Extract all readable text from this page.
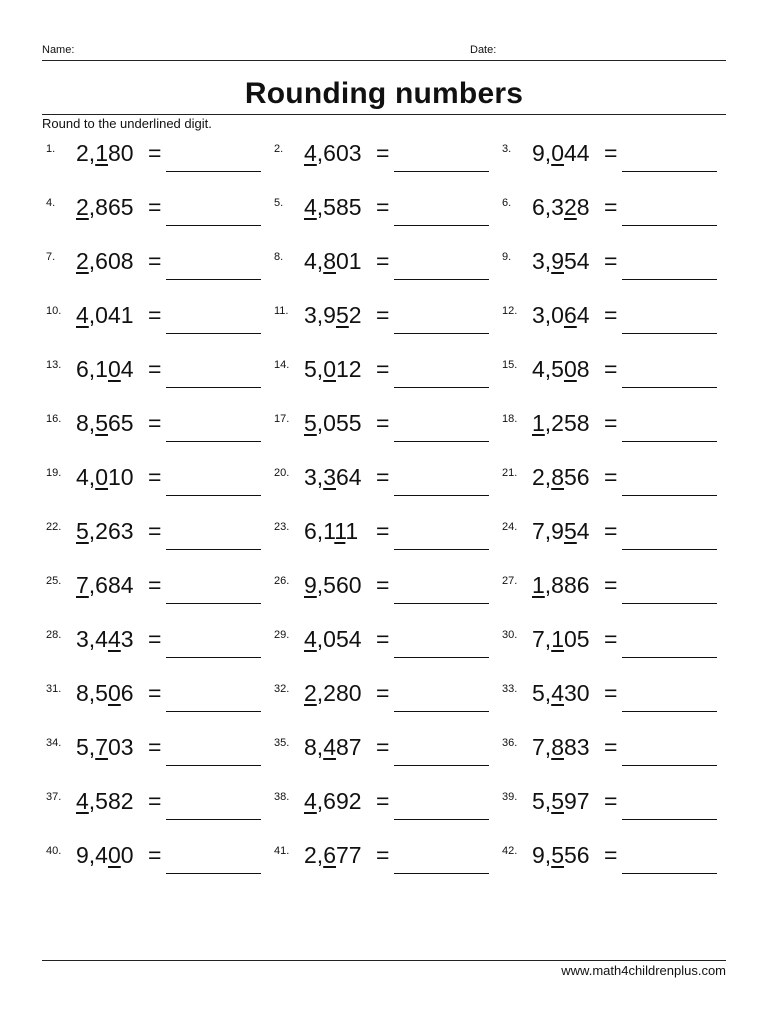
Name:	Date:
Rounding numbers
Round to the underlined digit.
1. 2,180 =	2. 4,603 =	3. 9,044 =
4. 2,865 =	5. 4,585 =	6. 6,328 =
7. 2,608 =	8. 4,801 =	9. 3,954 =
10. 4,041 =	11. 3,952 =	12. 3,064 =
13. 6,104 =	14. 5,012 =	15. 4,508 =
16. 8,565 =	17. 5,055 =	18. 1,258 =
19. 4,010 =	20. 3,364 =	21. 2,856 =
22. 5,263 =	23. 6,111 =	24. 7,954 =
25. 7,684 =	26. 9,560 =	27. 1,886 =
28. 3,443 =	29. 4,054 =	30. 7,105 =
31. 8,506 =	32. 2,280 =	33. 5,430 =
34. 5,703 =	35. 8,487 =	36. 7,883 =
37. 4,582 =	38. 4,692 =	39. 5,597 =
40. 9,400 =	41. 2,677 =	42. 9,556 =
www.math4childrenplus.com
